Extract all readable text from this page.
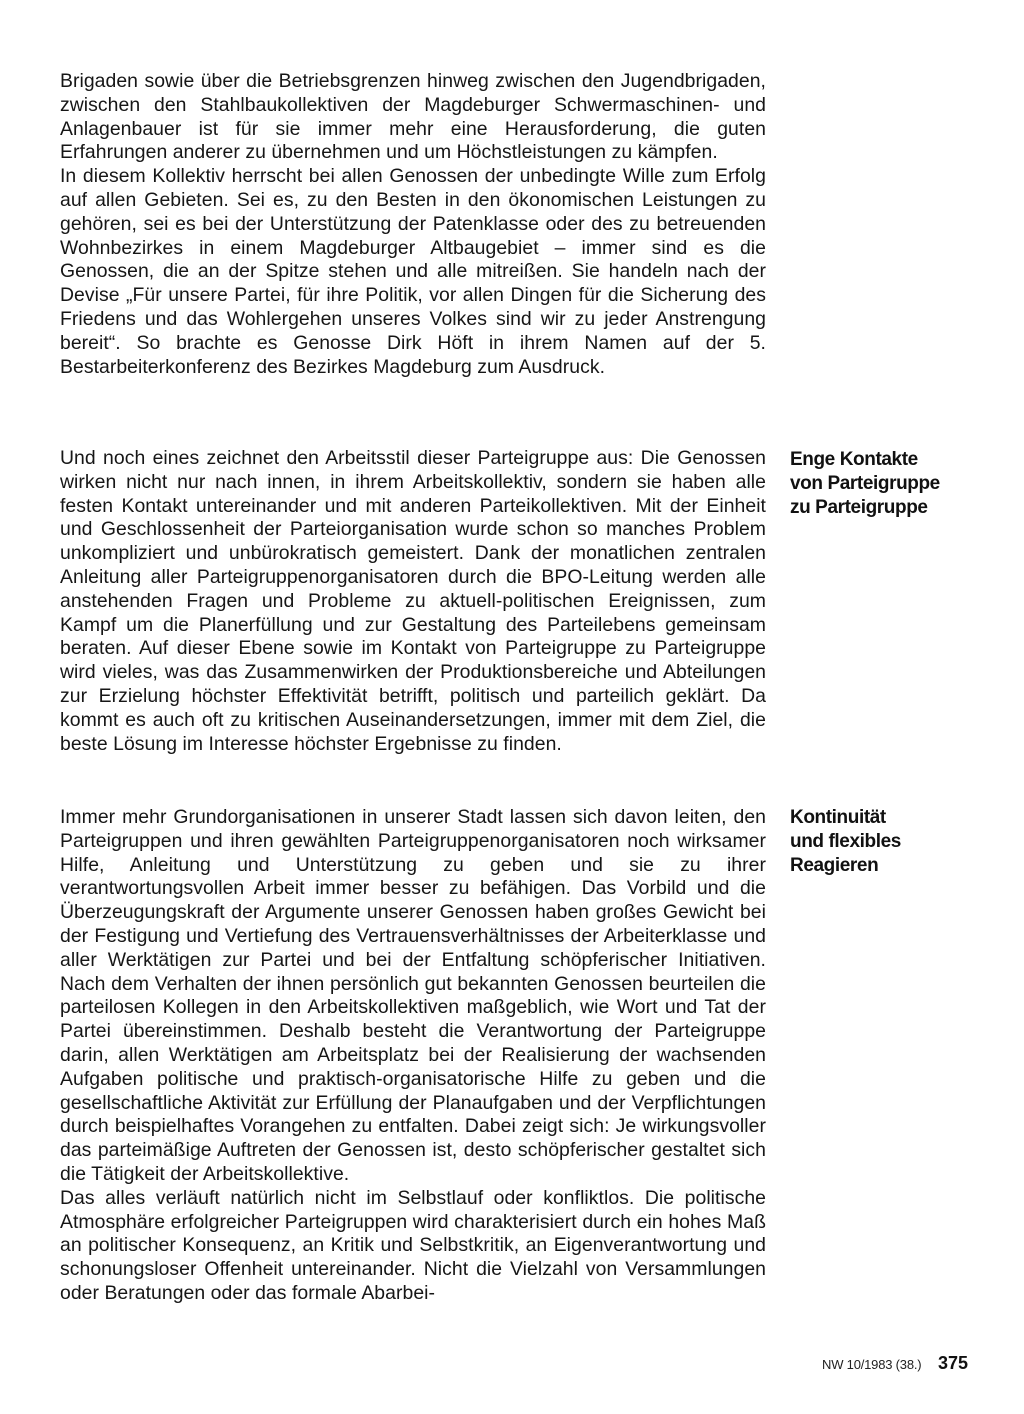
Brigaden sowie über die Betriebsgrenzen hinweg zwischen den Jugendbrigaden, zwischen den Stahlbaukollektiven der Magdeburger Schwermaschinen- und Anlagenbauer ist für sie immer mehr eine Herausforderung, die guten Erfahrungen anderer zu übernehmen und um Höchstleistungen zu kämpfen.

In diesem Kollektiv herrscht bei allen Genossen der unbedingte Wille zum Erfolg auf allen Gebieten. Sei es, zu den Besten in den ökonomischen Leistungen zu gehören, sei es bei der Unterstützung der Patenklasse oder des zu betreuenden Wohnbezirkes in einem Magdeburger Altbaugebiet – immer sind es die Genossen, die an der Spitze stehen und alle mitreißen. Sie handeln nach der Devise „Für unsere Partei, für ihre Politik, vor allen Dingen für die Sicherung des Friedens und das Wohlergehen unseres Volkes sind wir zu jeder Anstrengung bereit“. So brachte es Genosse Dirk Höft in ihrem Namen auf der 5. Bestarbeiterkonferenz des Bezirkes Magdeburg zum Ausdruck.

Und noch eines zeichnet den Arbeitsstil dieser Parteigruppe aus: Die Genossen wirken nicht nur nach innen, in ihrem Arbeitskollektiv, sondern sie haben alle festen Kontakt untereinander und mit anderen Parteikollektiven. Mit der Einheit und Geschlossenheit der Parteiorganisation wurde schon so manches Problem unkompliziert und unbürokratisch gemeistert. Dank der monatlichen zentralen Anleitung aller Parteigruppenorganisatoren durch die BPO-Leitung werden alle anstehenden Fragen und Probleme zu aktuell-politischen Ereignissen, zum Kampf um die Planerfüllung und zur Gestaltung des Parteilebens gemeinsam beraten. Auf dieser Ebene sowie im Kontakt von Parteigruppe zu Parteigruppe wird vieles, was das Zusammenwirken der Produktionsbereiche und Abteilungen zur Erzielung höchster Effektivität betrifft, politisch und parteilich geklärt. Da kommt es auch oft zu kritischen Auseinandersetzungen, immer mit dem Ziel, die beste Lösung im Interesse höchster Ergebnisse zu finden.

Immer mehr Grundorganisationen in unserer Stadt lassen sich davon leiten, den Parteigruppen und ihren gewählten Parteigruppenorganisatoren noch wirksamer Hilfe, Anleitung und Unterstützung zu geben und sie zu ihrer verantwortungsvollen Arbeit immer besser zu befähigen. Das Vorbild und die Überzeugungskraft der Argumente unserer Genossen haben großes Gewicht bei der Festigung und Vertiefung des Vertrauensverhältnisses der Arbeiterklasse und aller Werktätigen zur Partei und bei der Entfaltung schöpferischer Initiativen. Nach dem Verhalten der ihnen persönlich gut bekannten Genossen beurteilen die parteilosen Kollegen in den Arbeitskollektiven maßgeblich, wie Wort und Tat der Partei übereinstimmen. Deshalb besteht die Verantwortung der Parteigruppe darin, allen Werktätigen am Arbeitsplatz bei der Realisierung der wachsenden Aufgaben politische und praktisch-organisatorische Hilfe zu geben und die gesellschaftliche Aktivität zur Erfüllung der Planaufgaben und der Verpflichtungen durch beispielhaftes Vorangehen zu entfalten. Dabei zeigt sich: Je wirkungsvoller das parteimäßige Auftreten der Genossen ist, desto schöpferischer gestaltet sich die Tätigkeit der Arbeitskollektive.

Das alles verläuft natürlich nicht im Selbstlauf oder konfliktlos. Die politische Atmosphäre erfolgreicher Parteigruppen wird charakterisiert durch ein hohes Maß an politischer Konsequenz, an Kritik und Selbstkritik, an Eigenverantwortung und schonungsloser Offenheit untereinander. Nicht die Vielzahl von Versammlungen oder Beratungen oder das formale Abarbei-

Enge Kontakte
von Parteigruppe
zu Parteigruppe
Kontinuität
und flexibles
Reagieren
NW 10/1983 (38.) 375
